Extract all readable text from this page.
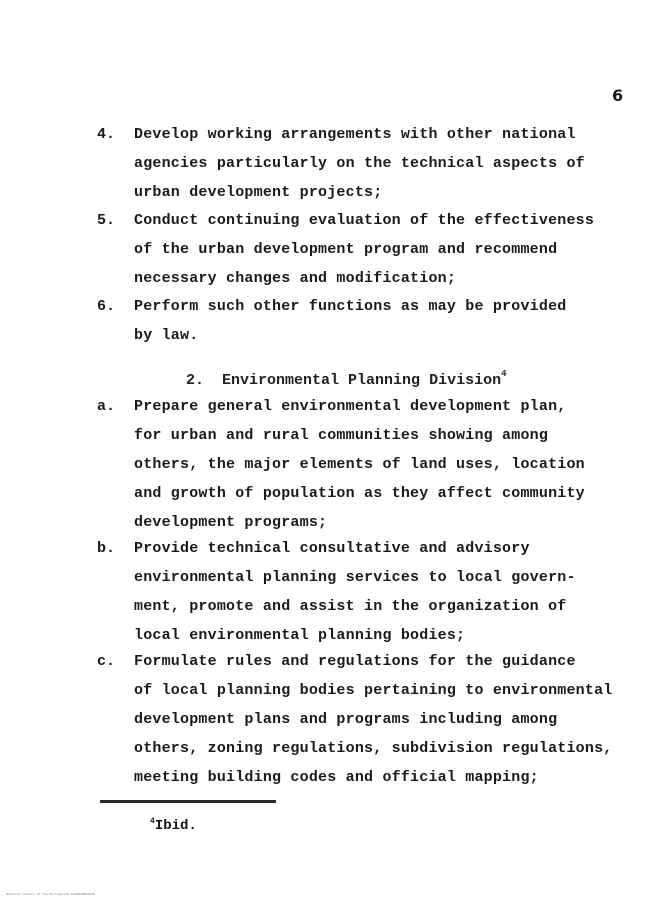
6
4. Develop working arrangements with other national
agencies particularly on the technical aspects of
urban development projects;
5. Conduct continuing evaluation of the effectiveness
of the urban development program and recommend
necessary changes and modification;
6. Perform such other functions as may be provided
by law.
2. Environmental Planning Division$^4$
a. Prepare general environmental development plan,
for urban and rural communities showing among
others, the major elements of land uses, location
and growth of population as they affect community
development programs;
b. Provide technical consultative and advisory
environmental planning services to local govern-
ment, promote and assist in the organization of
local environmental planning bodies;
c. Formulate rules and regulations for the guidance
of local planning bodies pertaining to environmental
development plans and programs including among
others, zoning regulations, subdivision regulations,
meeting building codes and official mapping;
$^4$Ibid.
National Library of the Philippines N/P2016001028
